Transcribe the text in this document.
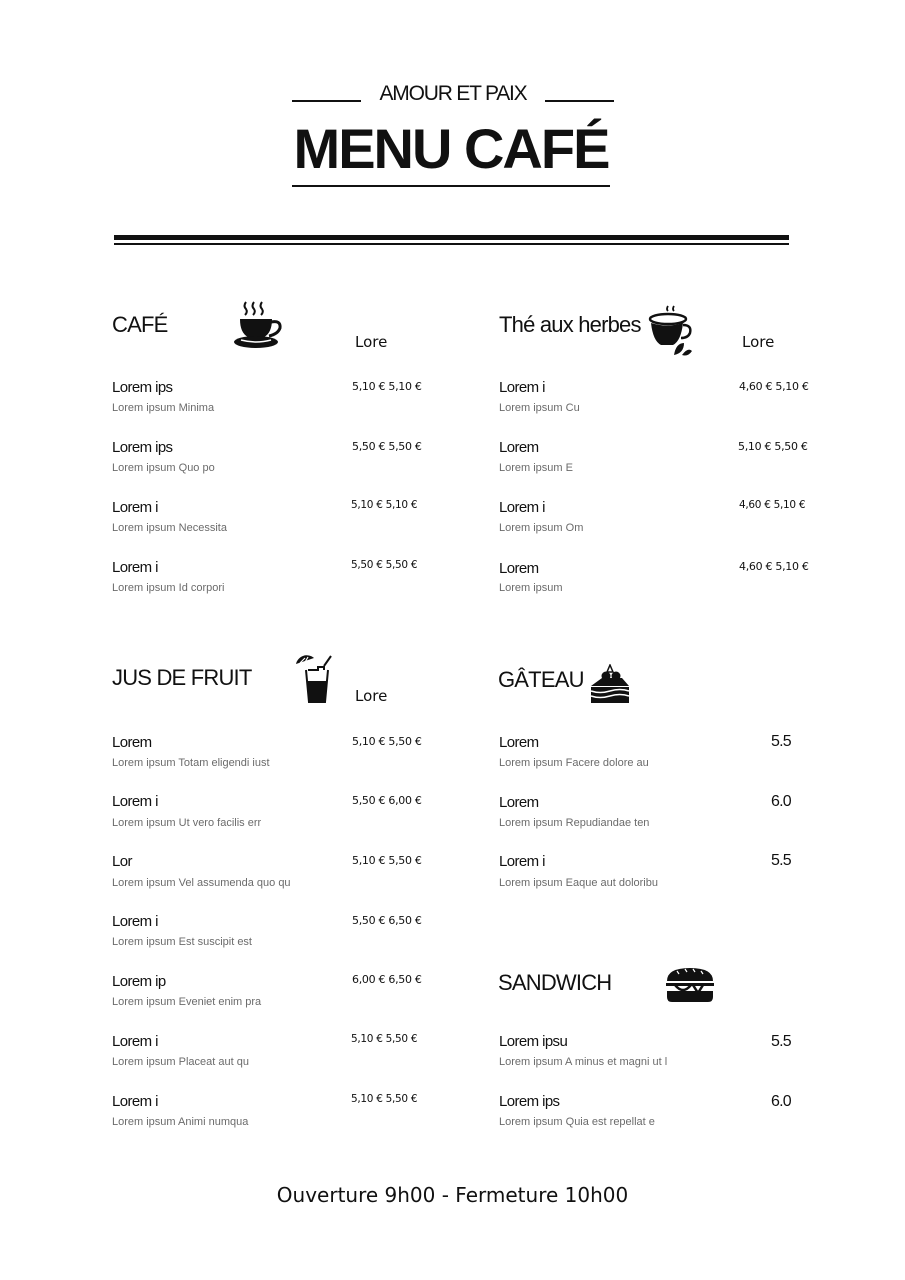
AMOUR ET PAIX
MENU CAFÉ
CAFÉ
Lore
Lorem ips
Lorem ipsum Minima
5,10 € 5,10 €
Lorem ips
Lorem ipsum Quo po
5,50 € 5,50 €
Lorem i
Lorem ipsum Necessita
5,10 € 5,10 €
Lorem i
Lorem ipsum Id corpori
5,50 € 5,50 €
Thé aux herbes
Lore
Lorem i
Lorem ipsum Cu
4,60 € 5,10 €
Lorem
Lorem ipsum E
5,10 € 5,50 €
Lorem i
Lorem ipsum Om
4,60 € 5,10 €
Lorem
Lorem ipsum
4,60 € 5,10 €
JUS DE FRUIT
Lore
Lorem
Lorem ipsum Totam eligendi iust
5,10 € 5,50 €
Lorem i
Lorem ipsum Ut vero facilis err
5,50 € 6,00 €
Lor
Lorem ipsum Vel assumenda quo qu
5,10 € 5,50 €
Lorem i
Lorem ipsum Est suscipit est
5,50 € 6,50 €
Lorem ip
Lorem ipsum Eveniet enim pra
6,00 € 6,50 €
Lorem i
Lorem ipsum Placeat aut qu
5,10 € 5,50 €
Lorem i
Lorem ipsum Animi numqua
5,10 € 5,50 €
GÂTEAU
Lorem
Lorem ipsum Facere dolore au
5.5
Lorem
Lorem ipsum Repudiandae ten
6.0
Lorem i
Lorem ipsum Eaque aut doloribu
5.5
SANDWICH
Lorem ipsu
Lorem ipsum A minus et magni ut l
5.5
Lorem ips
Lorem ipsum Quia est repellat e
6.0
Ouverture 9h00 - Fermeture 10h00
